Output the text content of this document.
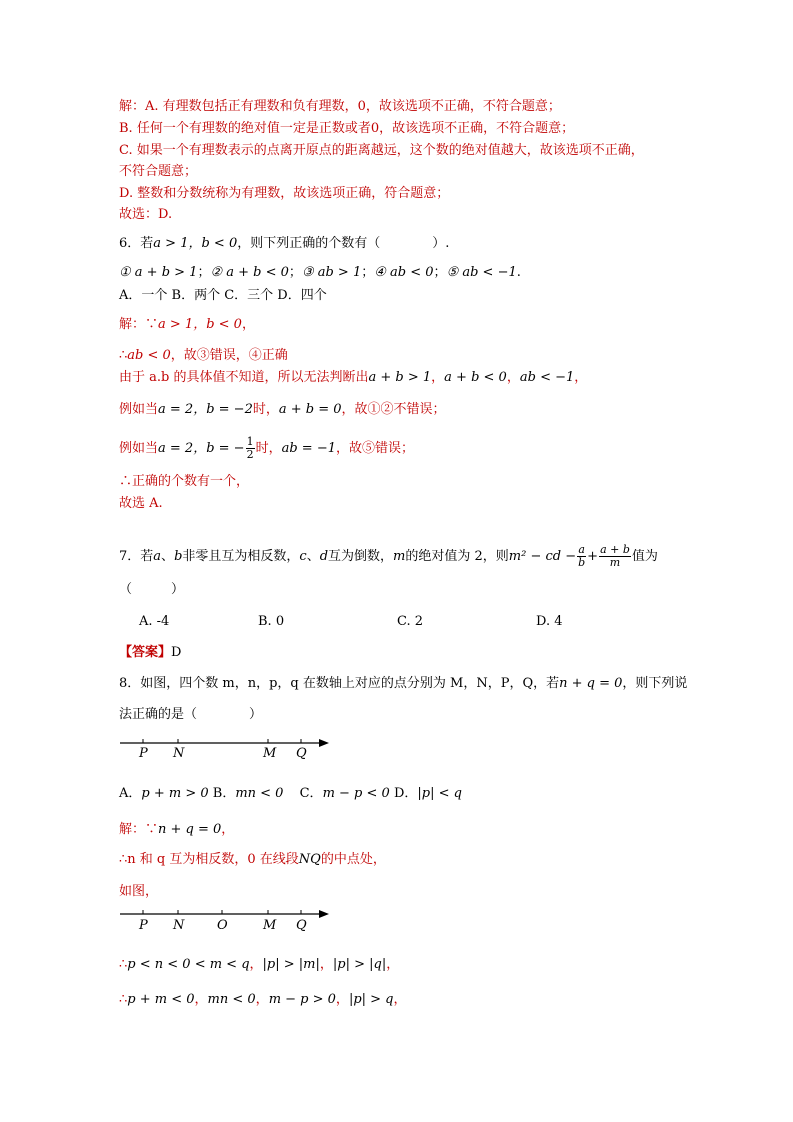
解：A. 有理数包括正有理数和负有理数，0，故该选项不正确，不符合题意；
B. 任何一个有理数的绝对值一定是正数或者0，故该选项不正确，不符合题意；
C. 如果一个有理数表示的点离开原点的距离越远，这个数的绝对值越大，故该选项不正确，
不符合题意；
D. 整数和分数统称为有理数，故该选项正确，符合题意；
故选：D.
6．若a > 1，b < 0，则下列正确的个数有（　　　　）.
① a + b > 1；② a + b < 0；③ ab > 1；④ ab < 0；⑤ ab < −1.
A．一个 B．两个 C．三个 D．四个
解：∵a > 1，b < 0，
∴ab < 0，故③错误，④正确
由于 a.b 的具体值不知道，所以无法判断出a + b > 1，a + b < 0，ab < −1，
例如当a = 2，b = −2时，a + b = 0，故①②不错误；
例如当a = 2，b = − $\frac{1}{2}$ 时，ab = −1，故⑤错误；
∴正确的个数有一个，
故选 A.
7．若a、b非零且互为相反数，c、d互为倒数，m的绝对值为 2，则m² − cd − $\frac{a}{b} + \frac{a + b}{m}$ 值为
（　　　）
A. -4	B. 0	C. 2	D. 4
【答案】D
8．如图，四个数 m，n，p，q 在数轴上对应的点分别为 M，N，P，Q，若n + q = 0，则下列说
法正确的是（　　　　）
P N	M Q
A．p + m > 0 B．mn < 0 C．m − p < 0 D．|p| < q
解：∵n + q = 0，
∴n 和 q 互为相反数，0 在线段NQ的中点处，
如图，
P N	O	M Q
∴p < n < 0 < m < q，|p| > |m|，|p| > |q|，
∴p + m < 0，mn < 0，m − p > 0，|p| > q，
